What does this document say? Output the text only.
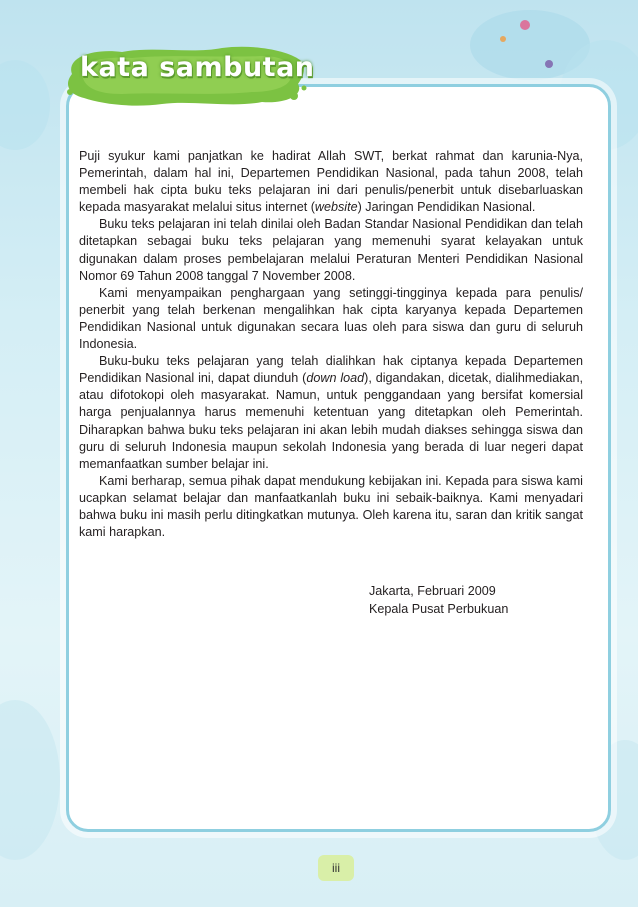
kata sambutan

Puji syukur kami panjatkan ke hadirat Allah SWT, berkat rahmat dan karunia-Nya, Pemerintah, dalam hal ini, Departemen Pendidikan Nasional, pada tahun 2008, telah membeli hak cipta buku teks pelajaran ini dari penulis/penerbit untuk disebarluaskan kepada masyarakat melalui situs internet (website) Jaringan Pendidikan Nasional.

Buku teks pelajaran ini telah dinilai oleh Badan Standar Nasional Pendidikan dan telah ditetapkan sebagai buku teks pelajaran yang memenuhi syarat kelayakan untuk digunakan dalam proses pembelajaran melalui Peraturan Menteri Pendidikan Nasional Nomor 69 Tahun 2008 tanggal 7 November 2008.

Kami menyampaikan penghargaan yang setinggi-tingginya kepada para penulis/ penerbit yang telah berkenan mengalihkan hak cipta karyanya kepada Departemen Pendidikan Nasional untuk digunakan secara luas oleh para siswa dan guru di seluruh Indonesia.

Buku-buku teks pelajaran yang telah dialihkan hak ciptanya kepada Departemen Pendidikan Nasional ini, dapat diunduh (down load), digandakan, dicetak, dialihmediakan, atau difotokopi oleh masyarakat. Namun, untuk penggandaan yang bersifat komersial harga penjualannya harus memenuhi ketentuan yang ditetapkan oleh Pemerintah. Diharapkan bahwa buku teks pelajaran ini akan lebih mudah diakses sehingga siswa dan guru di seluruh Indonesia maupun sekolah Indonesia yang berada di luar negeri dapat memanfaatkan sumber belajar ini.

Kami berharap, semua pihak dapat mendukung kebijakan ini. Kepada para siswa kami ucapkan selamat belajar dan manfaatkanlah buku ini sebaik-baiknya. Kami menyadari bahwa buku ini masih perlu ditingkatkan mutunya. Oleh karena itu, saran dan kritik sangat kami harapkan.

Jakarta, Februari 2009
Kepala Pusat Perbukuan
iii
